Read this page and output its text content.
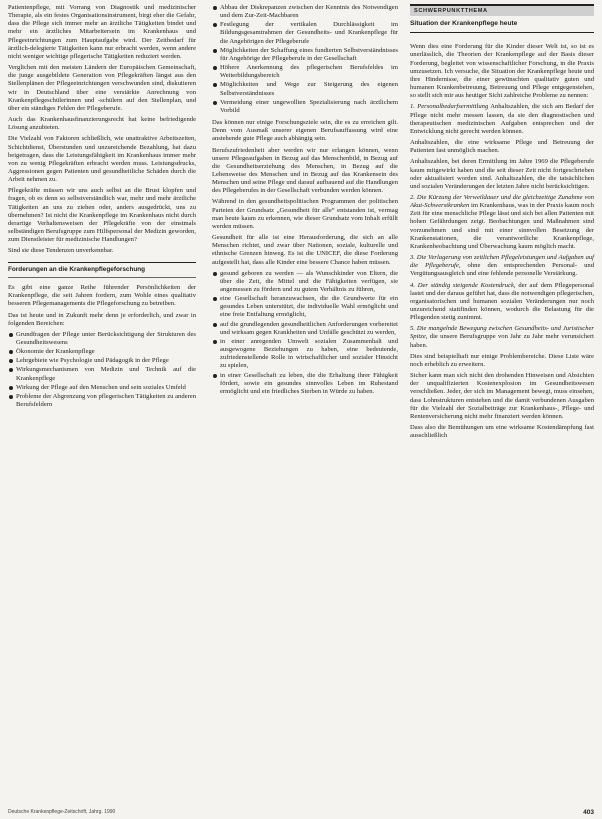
Patientenpflege, mit Vorrang von Diagnostik und medizinischer Therapie, als ein festes Organisationsinstrument, birgt eher die Gefahr, dass die Pflege sich immer mehr an ärztliche Tätigkeiten bindet und mehr ein ärztliches Mitarbeitersein im Krankenhaus und Pflegeeinrichtungen zum Hauptaufgabe wird. Der Zeitbedarf für ärztlich-delegierte Tätigkeiten kann nur erbracht werden, wenn andere nicht weniger wichtige pflegerische Tätigkeiten reduziert werden.

Verglichen mit den meisten Ländern der Europäischen Gemeinschaft, die junge ausgebildete Generation von Pflegekräften längst aus den Stellenplänen der Pflegeeinrichtungen verschwunden sind, diskutieren wir in Deutschland über eine verstärkte Anrechnung von Krankenpflegeschülerinnen und -schülern auf den Stellenplan, und über ein ständiges Fehlen der Pflegeberufe.

Auch das Krankenhausfinanzierungsrecht hat keine befriedigende Lösung anzubieten.

Die Vielzahl von Faktoren schließlich, wie unattraktive Arbeitszeiten, Schichtdienst, Überstunden und unzureichende Bezahlung, hat dazu beigetragen, dass die Leistungsfähigkeit im Krankenhaus immer mehr von zu wenig Pflegekräften erbracht werden muss. Leistungsdrucks, Aggressionen gegen Patienten und gesundheitliche Schäden durch die Arbeit nehmen zu.

Pflegekräfte müssen wir uns auch selbst an die Brust klopfen und fragen, ob es denn so selbstverständlich war, mehr und mehr ärztliche Tätigkeiten an uns zu ziehen oder, anders ausgedrückt, uns zu übernehmen? Ist nicht die Krankenpflege im Krankenhaus nicht durch derartige Verhaltensweisen der Pflegekräfte von der einstmals selbständigen Berufsgruppe zum Hilfspersonal der Medizin geworden, zum Dienstleister für medizinische Handlungen?

Sind sie diese Tendenzen unverkennbar.

Forderungen an die Krankenpflegeforschung

Es gibt eine ganze Reihe führender Persönlichkeiten der Krankenpflege, die seit Jahren fordern, zum Wohle eines qualitativ besseren Pflegemanagements die Pflegeforschung zu betreiben.

Das ist heute und in Zukunft mehr denn je erforderlich, und zwar in folgenden Bereichen:

Grundfragen der Pflege unter Berücksichtigung der Strukturen des Gesundheitswesens
Ökonomie der Krankenpflege
Lehrgebiete wie Psychologie und Pädagogik in der Pflege
Wirkungsmechanismen von Medizin und Technik auf die Krankenpflege
Wirkung der Pflege auf den Menschen und sein soziales Umfeld
Probleme der Abgrenzung von pflegerischen Tätigkeiten zu anderen Berufsfeldern
Abbau der Diskrepanzen zwischen der Kenntnis des Notwendigen und dem Zur-Zeit-Machbaren
Festlegung der vertikalen Durchlässigkeit im Bildungsgesamtrahmen der Gesundheits- und Krankenpflege für die Angehörigen der Pflegeberufe
Möglichkeiten der Schaffung eines fundierten Selbstverständnisses für Angehörige der Pflegeberufe in der Gesellschaft
Höhere Anerkennung des pflegerischen Berufsfeldes im Weiterbildungsbereich
Möglichkeiten und Wege zur Steigerung des eigenen Selbstverständnisses
Vermeidung einer ungewollten Spezialisierung nach ärztlichem Vorbild

Das können nur einige Forschungsziele sein, die es zu erreichen gilt. Denn vom Ausmaß unserer eigenen Berufsauffassung wird eine anstehende gute Pflege auch abhängig sein.

Berufszufriedenheit aber werden wir nur erlangen können, wenn unsere Pflegeaufgaben in Bezug auf das Menschenbild, in Bezug auf die Gesundheitserziehung des Menschen, in Bezug auf die Lebensweise des Menschen und in Bezug auf das Krankensein des Menschen und seine Pflege und darauf aufbauend auf die Handlungen des Pflegeberufes in der Gesellschaft verbunden werden können.

Während in den gesundheitspolitischen Programmen der politischen Parteien der Grundsatz „Gesundheit für alle“ entstanden ist, vermag man heute kaum zu erkennen, wie dieser Grundsatz vom Inhalt erfüllt werden müssen.

Gesundheit für alle ist eine Herausforderung, die sich an alle Menschen richtet, und zwar über Nationen, soziale, kulturelle und ethnische Grenzen hinweg. Es ist die UNICEF, die diese Forderung aufgestellt hat, dass alle Kinder eine bessere Chance haben müssen.

gesund geboren zu werden — als Wunschkinder von Eltern, die über die Zeit, die Mittel und die Fähigkeiten verfügen, sie angemessen zu fördern und zu gutem Verhältnis zu führen,
eine Gesellschaft heranzuwachsen, die die Grundwerte für ein gesundes Leben unterstützt, die individuelle Wahl ermöglicht und eine freie Entfaltung ermöglicht,
auf die grundlegenden gesundheitlichen Anforderungen vorbereitet und wirksam gegen Krankheiten und Unfälle geschützt zu werden,
in einer anregenden Umwelt sozialen Zusammenhalt und ausgewogene Beziehungen zu haben, eine bedeutende, zufriedenstellende Rolle in wirtschaftlicher und sozialer Hinsicht zu spielen,
in einer Gesellschaft zu leben, die die Erhaltung ihrer Fähigkeit fördert, sowie ein gesundes sinnvolles Leben im Ruhestand ermöglicht und ein friedliches Sterben in Würde zu haben.
SCHWERPUNKTTHEMA
Situation der Krankenpflege heute

Wenn dies eine Forderung für die Kinder dieser Welt ist, so ist es unerlässlich, die Theorien der Krankenpflege auf der Basis dieser Forderung, begleitet von wissenschaftlicher Forschung, in die Praxis umzusetzen. Ich versuche, die Situation der Krankenpflege heute und ihre Hindernisse, die einer gewünschten qualitativ guten und humanen Krankenbetreuung, Betreuung und Pflege entgegenstehen, so stellt sich mir aus heutiger Sicht zahlreiche Probleme zu nennen:

1. Personalbedarfsermittlung Anhaltszahlen, die sich am Bedarf der Pflege nicht mehr messen lassen, da sie den diagnostischen und therapeutischen medizinischen Aufgaben entsprechen und der Entwicklung nicht gerecht werden können.
Anhaltszahlen, die eine wirksame Pflege und Betreuung der Patienten fast unmöglich machen.
Anhaltszahlen, bei deren Ermittlung im Jahre 1969 die Pflegeberufe kaum mitgewirkt haben und die seit dieser Zeit nicht fortgeschrieben oder aktualisiert worden sind. Anhaltszahlen, die die tatsächlichen und sozialen Veränderungen der letzten Jahre nicht berücksichtigen.
2. Die Kürzung der Verweildauer und die gleichzeitige Zunahme von Akut-Schwerstkranken im Krankenhaus, was in der Praxis kaum noch Zeit für eine menschliche Pflege lässt und sich bei allen Patienten mit hohen Gefährdungen zeigt. Beobachtungen und Maßnahmen sind vorzunehmen und sind mit einer sinnvollen Besetzung der Krankenstationen, die verantwortliche Krankenpflege, Krankenbeobachtung und Überwachung kaum möglich macht.
3. Die Verlagerung von zeitlichen Pflegeleistungen und Aufgaben auf die Pflegeberufe, ohne den entsprechenden Personal- und Vergütungsausgleich und eine fehlende personelle Verstärkung.
4. Der ständig steigende Kostendruck, der auf dem Pflegepersonal lastet und der daraus geführt hat, dass die notwendigen pflegerischen, organisatorischen und humanen sozialen Veränderungen nur noch unzureichend stattfinden können, wodurch die Belastung für die Pflegenden stetig zunimmt.
5. Die mangelnde Bewegung zwischen Gesundheits- und Juristischer Spitze, die unsere Berufsgruppe von Jahr zu Jahr mehr verunsichert haben.

Dies sind beispielhaft nur einige Problembereiche. Diese Liste wäre noch erheblich zu erweitern.

Sicher kann man sich nicht den drohenden Hinweisen und Absichten der unqualifizierten Kostenexplosion im Gesundheitswesen verschließen. Jeder, der sich im Management bewegt, muss einsehen, dass Lohnstrukturen entstehen und die damit verbundenen Ausgaben für die Vielzahl der Sozialbeiträge zur Krankenhaus-, Pflege- und Rentenversicherung nicht mehr finanziert werden können.

Dass also die Bemühungen um eine wirksame Kostendämpfung fast ausschließlich

Deutsche Krankenpflege-Zeitschrift, Jahrg. 1990	403
